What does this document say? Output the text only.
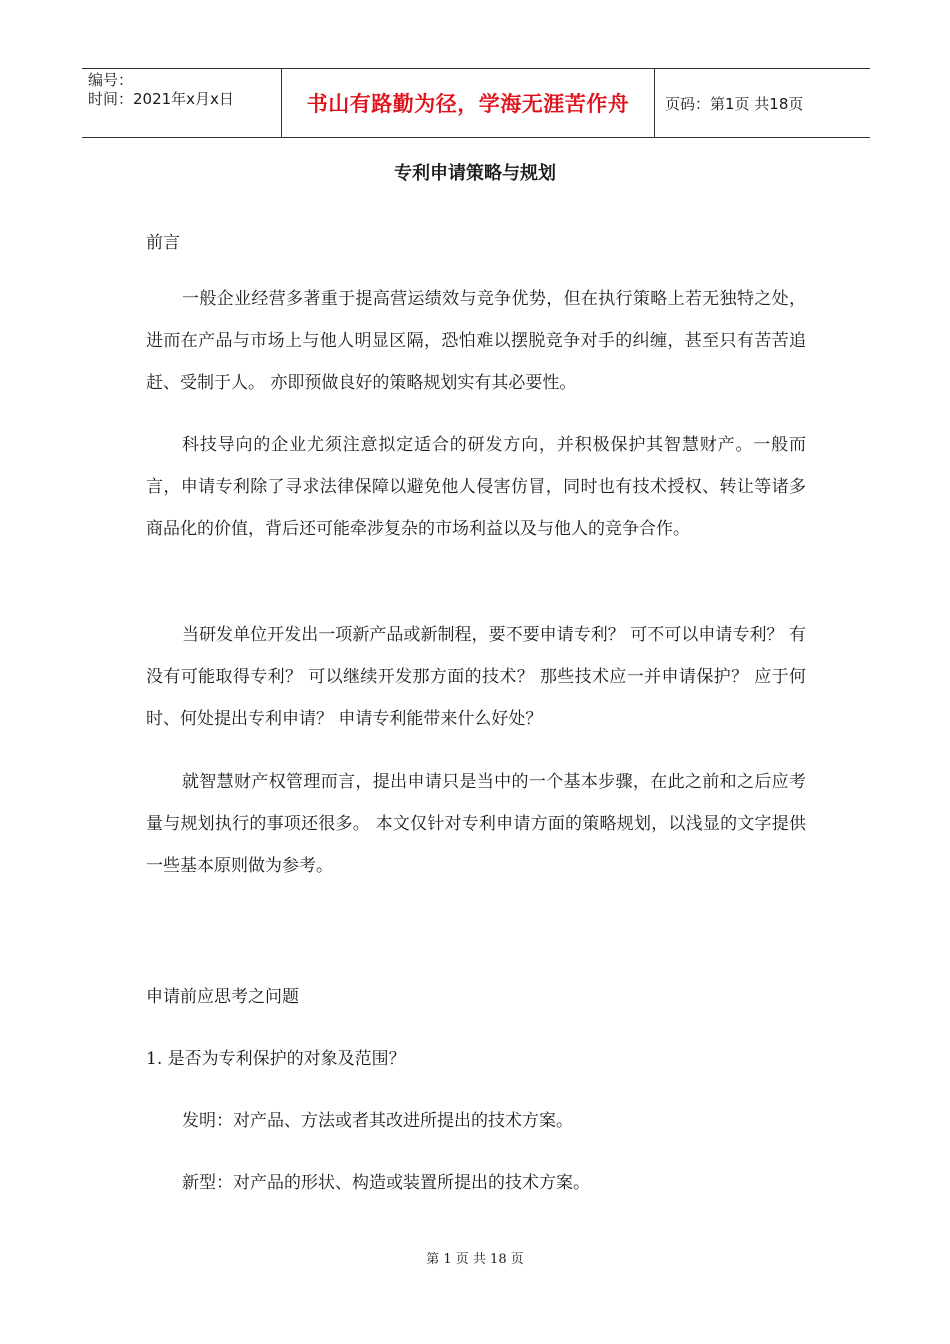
编号：
时间：2021年x月x日	书山有路勤为径，学海无涯苦作舟	页码：第1页 共18页
专利申请策略与规划
前言

一般企业经营多著重于提高营运绩效与竞争优势，但在执行策略上若无独特之处，进而在产品与市场上与他人明显区隔，恐怕难以摆脱竞争对手的纠缠，甚至只有苦苦追赶、受制于人。 亦即预做良好的策略规划实有其必要性。

科技导向的企业尤须注意拟定适合的研发方向，并积极保护其智慧财产。一般而言，申请专利除了寻求法律保障以避免他人侵害仿冒，同时也有技术授权、转让等诸多商品化的价值，背后还可能牵涉复杂的市场利益以及与他人的竞争合作。

当研发单位开发出一项新产品或新制程，要不要申请专利？ 可不可以申请专利？ 有没有可能取得专利？ 可以继续开发那方面的技术？ 那些技术应一并申请保护？ 应于何时、何处提出专利申请？ 申请专利能带来什么好处？

就智慧财产权管理而言，提出申请只是当中的一个基本步骤，在此之前和之后应考量与规划执行的事项还很多。 本文仅针对专利申请方面的策略规划，以浅显的文字提供一些基本原则做为参考。

申请前应思考之问题
1. 是否为专利保护的对象及范围？
发明：对产品、方法或者其改进所提出的技术方案。
新型：对产品的形状、构造或装置所提出的技术方案。
第 1 页 共 18 页
